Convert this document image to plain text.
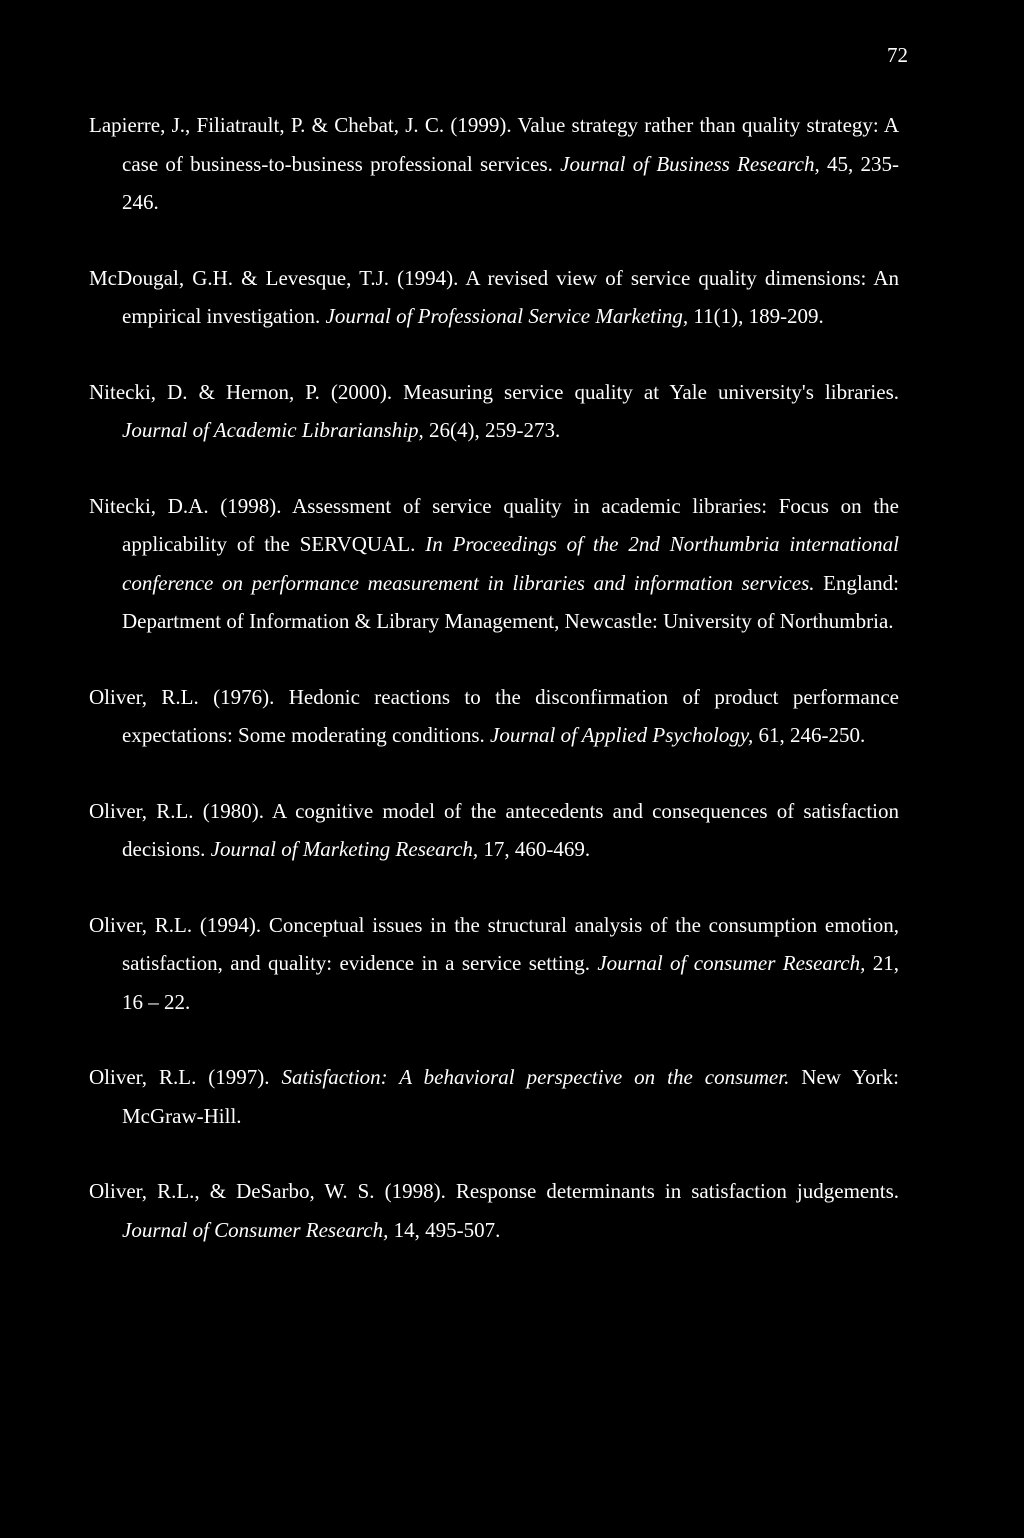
72

Lapierre, J., Filiatrault, P. & Chebat, J. C. (1999). Value strategy rather than quality strategy: A case of business-to-business professional services. Journal of Business Research, 45, 235-246.

McDougal, G.H. & Levesque, T.J. (1994). A revised view of service quality dimensions: An empirical investigation. Journal of Professional Service Marketing, 11(1), 189-209.

Nitecki, D. & Hernon, P. (2000). Measuring service quality at Yale university's libraries. Journal of Academic Librarianship, 26(4), 259-273.

Nitecki, D.A. (1998). Assessment of service quality in academic libraries: Focus on the applicability of the SERVQUAL. In Proceedings of the 2nd Northumbria international conference on performance measurement in libraries and information services. England: Department of Information & Library Management, Newcastle: University of Northumbria.

Oliver, R.L. (1976). Hedonic reactions to the disconfirmation of product performance expectations: Some moderating conditions. Journal of Applied Psychology, 61, 246-250.

Oliver, R.L. (1980). A cognitive model of the antecedents and consequences of satisfaction decisions. Journal of Marketing Research, 17, 460-469.

Oliver, R.L. (1994). Conceptual issues in the structural analysis of the consumption emotion, satisfaction, and quality: evidence in a service setting. Journal of consumer Research, 21, 16 – 22.

Oliver, R.L. (1997). Satisfaction: A behavioral perspective on the consumer. New York: McGraw-Hill.

Oliver, R.L., & DeSarbo, W. S. (1998). Response determinants in satisfaction judgements. Journal of Consumer Research, 14, 495-507.
